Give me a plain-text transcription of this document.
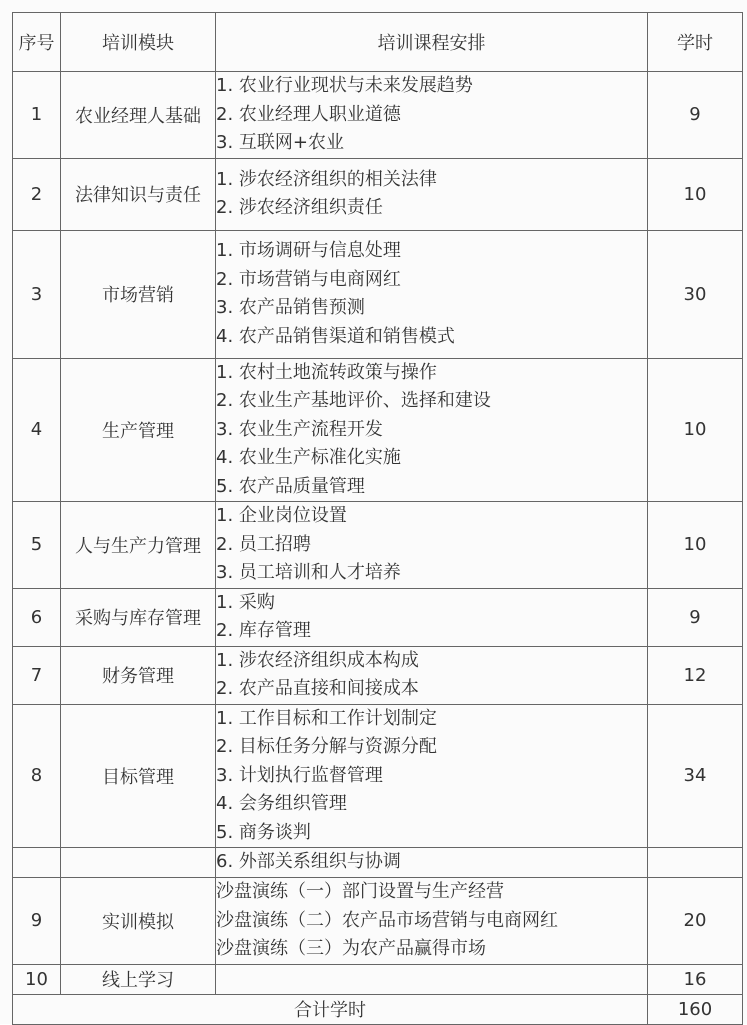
序号	培训模块	培训课程安排	学时
1	农业经理人基础	1. 农业行业现状与未来发展趋势
2. 农业经理人职业道德
3. 互联网+农业	9
2	法律知识与责任	1. 涉农经济组织的相关法律
2. 涉农经济组织责任	10
3	市场营销	1. 市场调研与信息处理
2. 市场营销与电商网红
3. 农产品销售预测
4. 农产品销售渠道和销售模式	30
4	生产管理	1. 农村土地流转政策与操作
2. 农业生产基地评价、选择和建设
3. 农业生产流程开发
4. 农业生产标准化实施
5. 农产品质量管理	10
5	人与生产力管理	1. 企业岗位设置
2. 员工招聘
3. 员工培训和人才培养	10
6	采购与库存管理	1. 采购
2. 库存管理	9
7	财务管理	1. 涉农经济组织成本构成
2. 农产品直接和间接成本	12
8	目标管理	1. 工作目标和工作计划制定
2. 目标任务分解与资源分配
3. 计划执行监督管理
4. 会务组织管理
5. 商务谈判	34

		6. 外部关系组织与协调	

9	实训模拟	沙盘演练（一）部门设置与生产经营
沙盘演练（二）农产品市场营销与电商网红
沙盘演练（三）为农产品赢得市场	20
10	线上学习		16
合计学时			160
